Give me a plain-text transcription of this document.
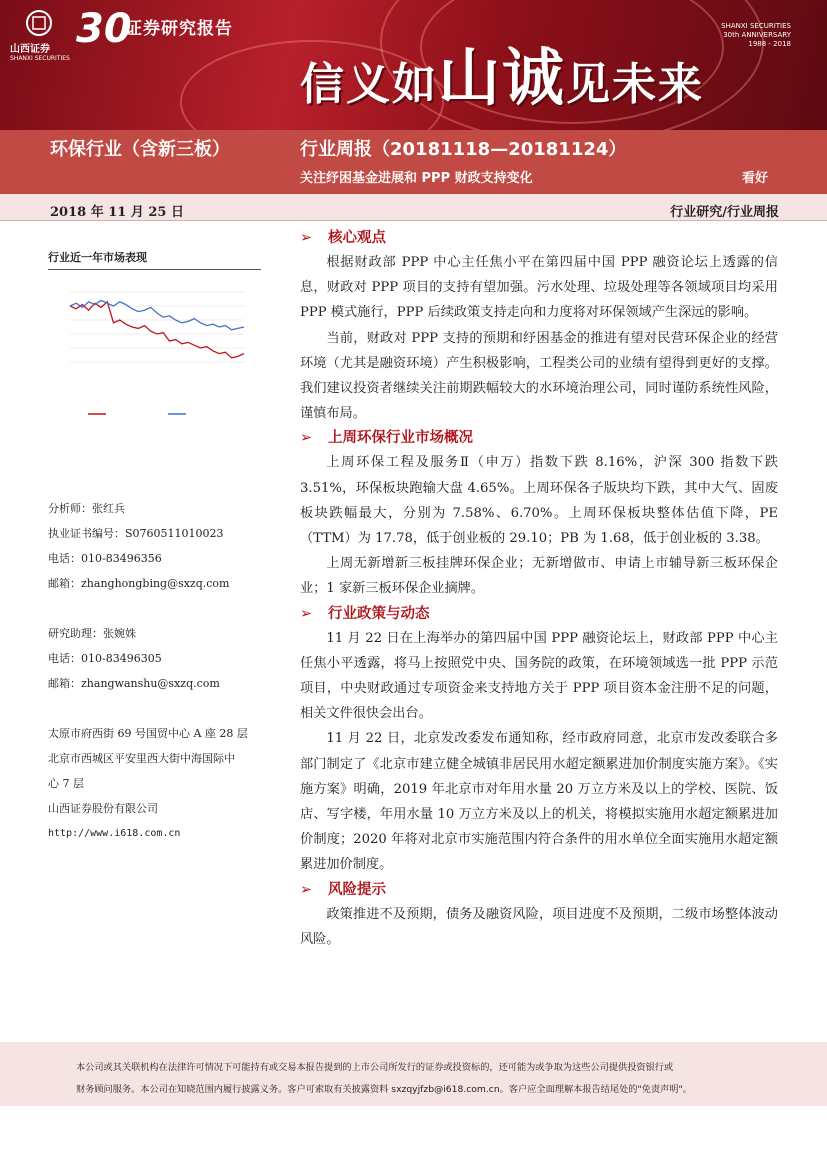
山西证券
SHANXI SECURITIES
30
证券研究报告	SHANXI SECURITIES
30th ANNIVERSARY
1988 - 2018
信义如山诚见未来
环保行业（含新三板）	行业周报（20181118—20181124）
关注纾困基金进展和 PPP 财政支持变化	看好
2018 年 11 月 25 日	行业研究/行业周报
行业近一年市场表现
分析师：张红兵
执业证书编号：S0760511010023
电话：010-83496356
邮箱：zhanghongbing@sxzq.com
研究助理：张婉姝
电话：010-83496305
邮箱：zhangwanshu@sxzq.com
太原市府西街 69 号国贸中心 A 座 28 层
北京市西城区平安里西大街中海国际中
心 7 层
山西证券股份有限公司
http://www.i618.com.cn
➢ 核心观点

根据财政部 PPP 中心主任焦小平在第四届中国 PPP 融资论坛上透露的信息，财政对 PPP 项目的支持有望加强。污水处理、垃圾处理等各领域项目均采用 PPP 模式施行，PPP 后续政策支持走向和力度将对环保领域产生深远的影响。

当前，财政对 PPP 支持的预期和纾困基金的推进有望对民营环保企业的经营环境（尤其是融资环境）产生积极影响，工程类公司的业绩有望得到更好的支撑。我们建议投资者继续关注前期跌幅较大的水环境治理公司，同时谨防系统性风险，谨慎布局。

➢ 上周环保行业市场概况

上周环保工程及服务Ⅱ（申万）指数下跌 8.16%，沪深 300 指数下跌 3.51%，环保板块跑输大盘 4.65%。上周环保各子版块均下跌，其中大气、固废板块跌幅最大，分别为 7.58%、6.70%。上周环保板块整体估值下降，PE（TTM）为 17.78，低于创业板的 29.10；PB 为 1.68，低于创业板的 3.38。

上周无新增新三板挂牌环保企业；无新增做市、申请上市辅导新三板环保企业；1 家新三板环保企业摘牌。

➢ 行业政策与动态

11 月 22 日在上海举办的第四届中国 PPP 融资论坛上，财政部 PPP 中心主任焦小平透露，将马上按照党中央、国务院的政策，在环境领域选一批 PPP 示范项目，中央财政通过专项资金来支持地方关于 PPP 项目资本金注册不足的问题，相关文件很快会出台。

11 月 22 日，北京发改委发布通知称，经市政府同意，北京市发改委联合多部门制定了《北京市建立健全城镇非居民用水超定额累进加价制度实施方案》。《实施方案》明确，2019 年北京市对年用水量 20 万立方米及以上的学校、医院、饭店、写字楼，年用水量 10 万立方米及以上的机关，将模拟实施用水超定额累进加价制度；2020 年将对北京市实施范围内符合条件的用水单位全面实施用水超定额累进加价制度。

➢ 风险提示

政策推进不及预期，债务及融资风险，项目进度不及预期，二级市场整体波动风险。

本公司或其关联机构在法律许可情况下可能持有或交易本报告提到的上市公司所发行的证券或投资标的，还可能为或争取为这些公司提供投资银行或
财务顾问服务。本公司在知晓范围内履行披露义务。客户可索取有关披露资料 sxzqyjfzb@i618.com.cn。客户应全面理解本报告结尾处的"免责声明"。
